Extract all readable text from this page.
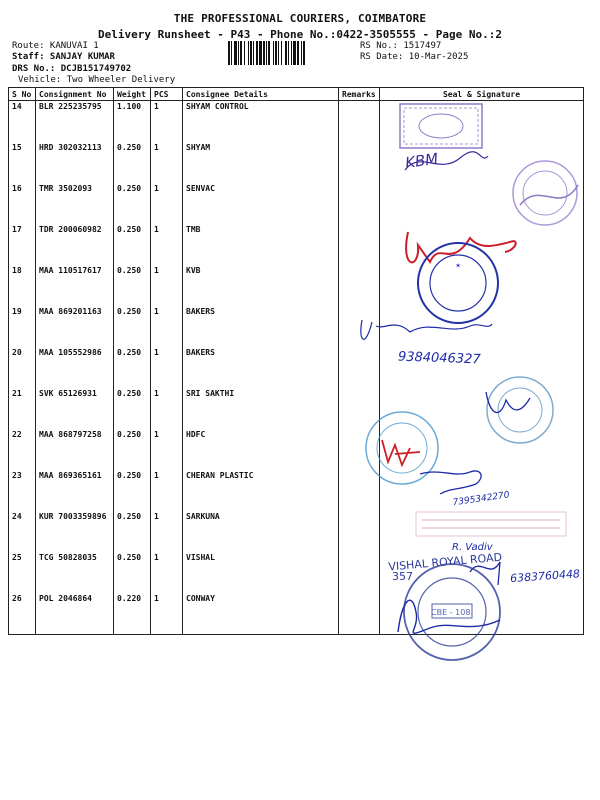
THE PROFESSIONAL COURIERS, COIMBATORE
Delivery Runsheet - P43 - Phone No.:0422-3505555 - Page No.:2
Route: KANUVAI 1
Staff: SANJAY KUMAR
DRS No.: DCJB151749702
Vehicle: Two Wheeler Delivery
RS No.: 1517497
RS Date: 10-Mar-2025
S No	Consignment No	Weight	PCS	Consignee Details	Remarks	Seal & Signature
14	BLR 225235795	1.100	1	SHYAM CONTROL		
15	HRD 302032113	0.250	1	SHYAM		
16	TMR 3502093	0.250	1	SENVAC		
17	TDR 200060982	0.250	1	TMB		
18	MAA 110517617	0.250	1	KVB		
19	MAA 869201163	0.250	1	BAKERS		
20	MAA 105552986	0.250	1	BAKERS		
21	SVK 65126931	0.250	1	SRI SAKTHI		
22	MAA 868797258	0.250	1	HDFC		
23	MAA 869365161	0.250	1	CHERAN PLASTIC		
24	KUR 7003359896	0.250	1	SARKUNA		
25	TCG 50828035	0.250	1	VISHAL		
26	POL 2046864	0.220	1	CONWAY		
KBM
✶
9384046327
7395342270
R. Vadiv
VISHAL ROYAL ROAD
357	6383760448
CBE - 108.
